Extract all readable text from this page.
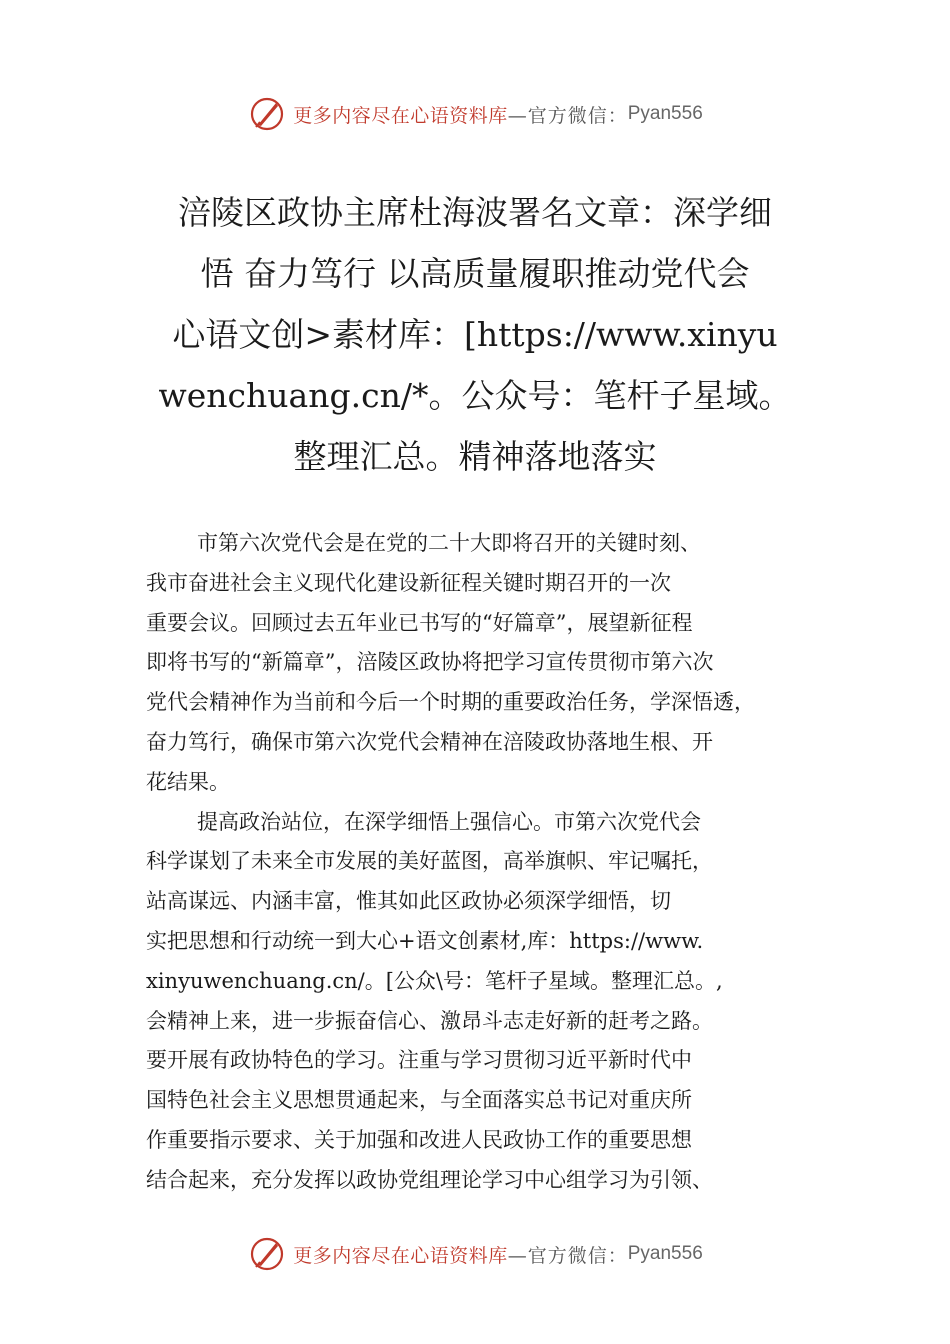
更多内容尽在心语资料库 —官方微信： Pyan556
涪陵区政协主席杜海波署名文章：深学细
悟 奋力笃行 以高质量履职推动党代会
心语文创>素材库：[https://www.xinyu
wenchuang.cn/*。公众号：笔杆子星域。
整理汇总。精神落地落实
市第六次党代会是在党的二十大即将召开的关键时刻、
我市奋进社会主义现代化建设新征程关键时期召开的一次
重要会议。回顾过去五年业已书写的“好篇章”，展望新征程
即将书写的“新篇章”，涪陵区政协将把学习宣传贯彻市第六次
党代会精神作为当前和今后一个时期的重要政治任务，学深悟透，
奋力笃行，确保市第六次党代会精神在涪陵政协落地生根、开
花结果。
提高政治站位，在深学细悟上强信心。市第六次党代会
科学谋划了未来全市发展的美好蓝图，高举旗帜、牢记嘱托，
站高谋远、内涵丰富，惟其如此区政协必须深学细悟，切
实把思想和行动统一到大心+语文创素材,库：https://www.
xinyuwenchuang.cn/。[公众\号：笔杆子星域。整理汇总。,
会精神上来，进一步振奋信心、激昂斗志走好新的赶考之路。
要开展有政协特色的学习。注重与学习贯彻习近平新时代中
国特色社会主义思想贯通起来，与全面落实总书记对重庆所
作重要指示要求、关于加强和改进人民政协工作的重要思想
结合起来，充分发挥以政协党组理论学习中心组学习为引领、
更多内容尽在心语资料库 —官方微信： Pyan556
